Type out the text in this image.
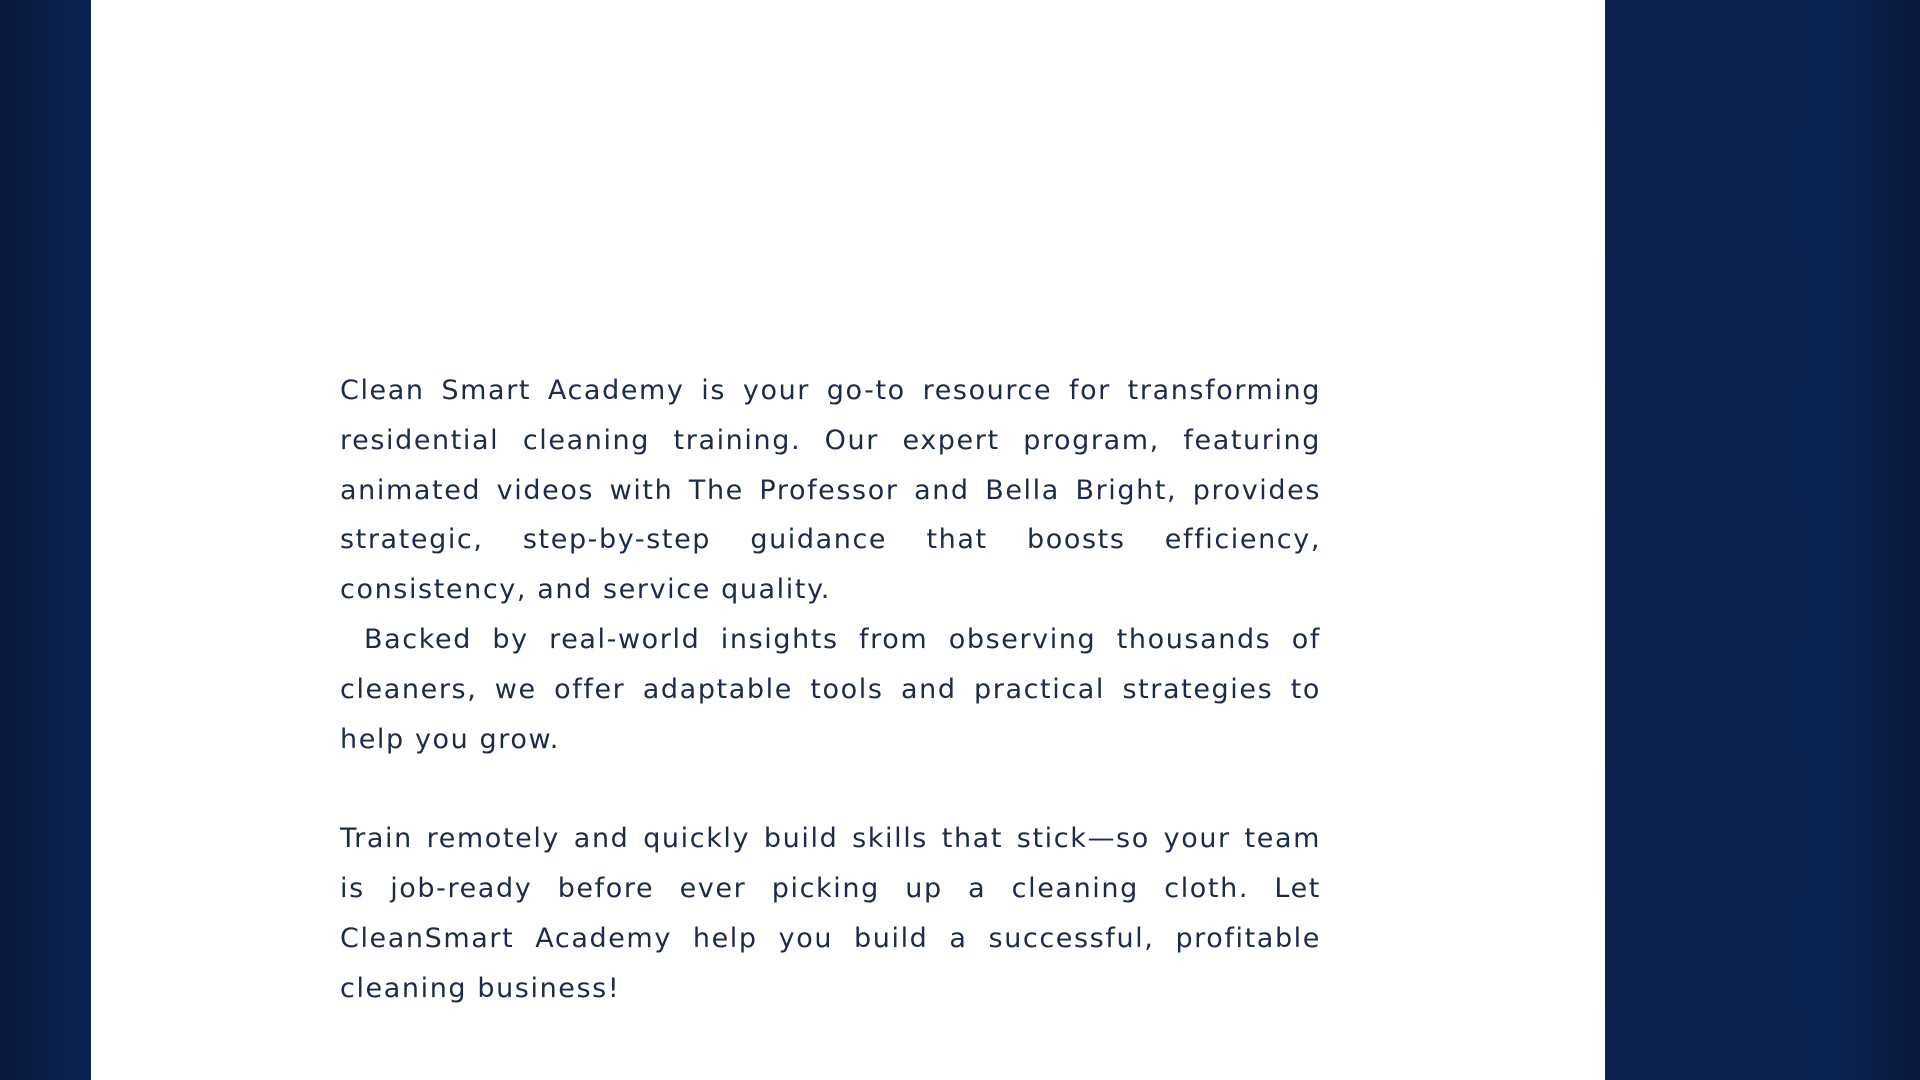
Clean Smart Academy is your go-to resource for transforming residential cleaning training. Our expert program, featuring animated videos with The Professor and Bella Bright, provides strategic, step-by-step guidance that boosts efficiency, consistency, and service quality.

Backed by real-world insights from observing thousands of cleaners, we offer adaptable tools and practical strategies to help you grow.

Train remotely and quickly build skills that stick—so your team is job-ready before ever picking up a cleaning cloth. Let CleanSmart Academy help you build a successful, profitable cleaning business!
